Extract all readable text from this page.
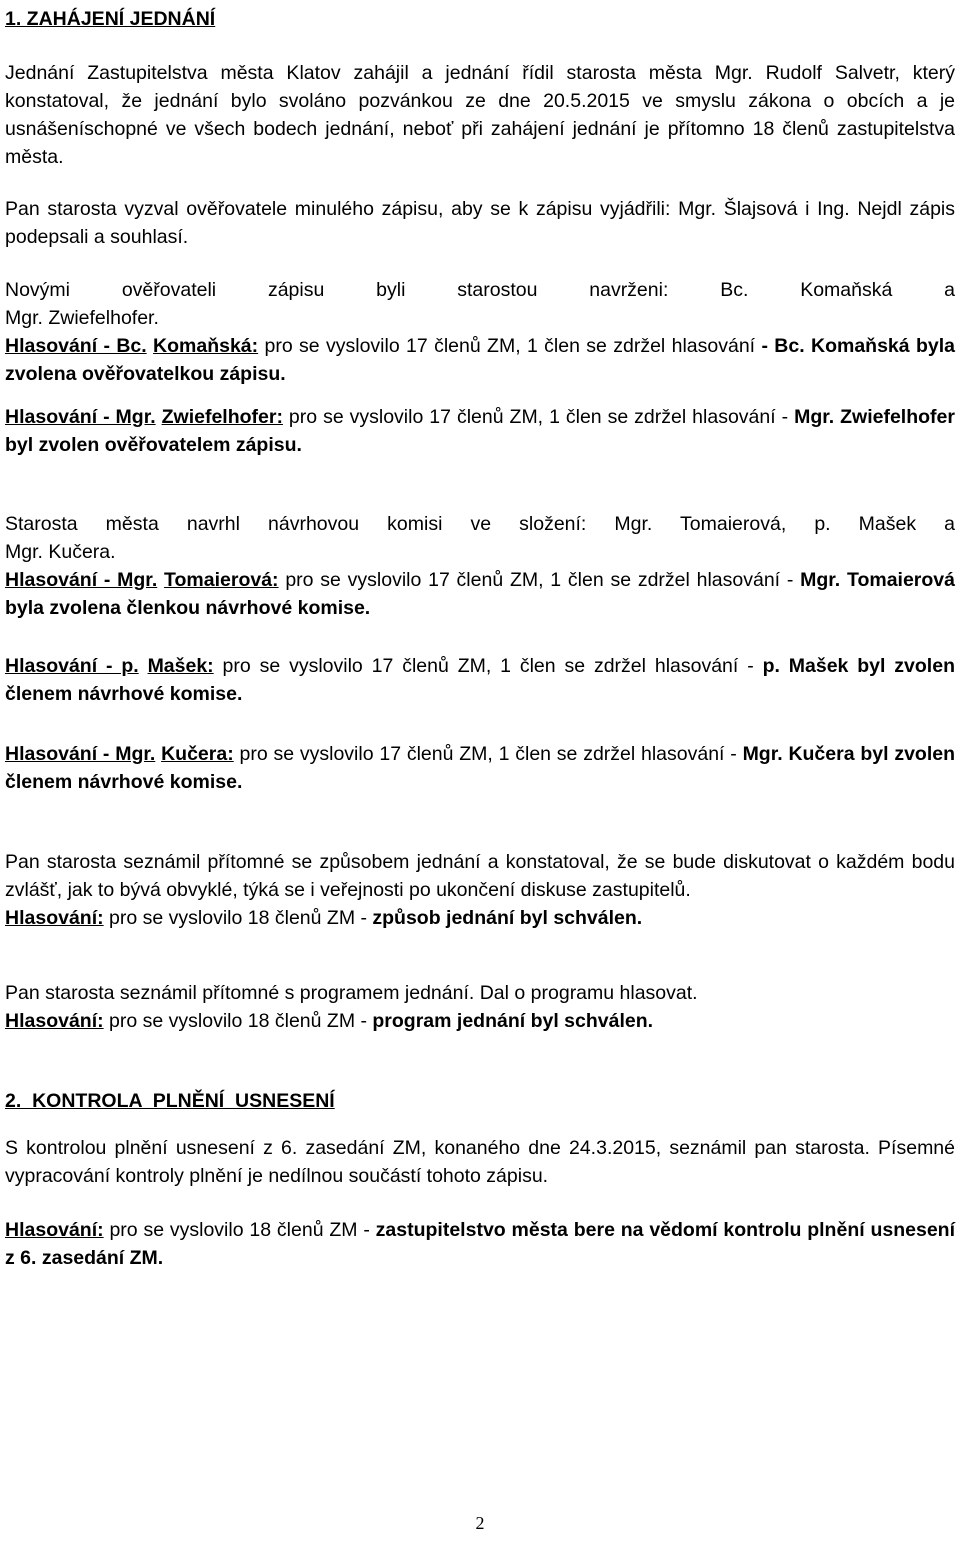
1. ZAHÁJENÍ JEDNÁNÍ

Jednání Zastupitelstva města Klatov zahájil a jednání řídil starosta města Mgr. Rudolf Salvetr, který konstatoval, že jednání bylo svoláno pozvánkou ze dne 20.5.2015 ve smyslu zákona o obcích a je usnášeníschopné ve všech bodech jednání, neboť při zahájení jednání je přítomno 18 členů zastupitelstva města.

Pan starosta vyzval ověřovatele minulého zápisu, aby se k zápisu vyjádřili: Mgr. Šlajsová i Ing. Nejdl zápis podepsali a souhlasí.

Novými ověřovateli zápisu byli starostou navrženi: Bc. Komaňská a

Mgr. Zwiefelhofer.

Hlasování - Bc. Komaňská: pro se vyslovilo 17 členů ZM, 1 člen se zdržel hlasování - Bc. Komaňská byla zvolena ověřovatelkou zápisu.

Hlasování - Mgr. Zwiefelhofer: pro se vyslovilo 17 členů ZM, 1 člen se zdržel hlasování - Mgr. Zwiefelhofer byl zvolen ověřovatelem zápisu.

Starosta města navrhl návrhovou komisi ve složení: Mgr. Tomaierová, p. Mašek a

Mgr. Kučera.

Hlasování - Mgr. Tomaierová: pro se vyslovilo 17 členů ZM, 1 člen se zdržel hlasování - Mgr. Tomaierová byla zvolena členkou návrhové komise.

Hlasování - p. Mašek: pro se vyslovilo 17 členů ZM, 1 člen se zdržel hlasování - p. Mašek byl zvolen členem návrhové komise.

Hlasování - Mgr. Kučera: pro se vyslovilo 17 členů ZM, 1 člen se zdržel hlasování - Mgr. Kučera byl zvolen členem návrhové komise.

Pan starosta seznámil přítomné se způsobem jednání a konstatoval, že se bude diskutovat o každém bodu zvlášť, jak to bývá obvyklé, týká se i veřejnosti po ukončení diskuse zastupitelů.

Hlasování: pro se vyslovilo 18 členů ZM - způsob jednání byl schválen.

Pan starosta seznámil přítomné s programem jednání. Dal o programu hlasovat.

Hlasování: pro se vyslovilo 18 členů ZM - program jednání byl schválen.

2.  KONTROLA  PLNĚNÍ  USNESENÍ

S kontrolou plnění usnesení z 6. zasedání ZM, konaného dne 24.3.2015, seznámil pan starosta. Písemné vypracování kontroly plnění je nedílnou součástí tohoto zápisu.

Hlasování: pro se vyslovilo 18 členů ZM - zastupitelstvo města bere na vědomí kontrolu plnění usnesení z 6. zasedání ZM.

2
